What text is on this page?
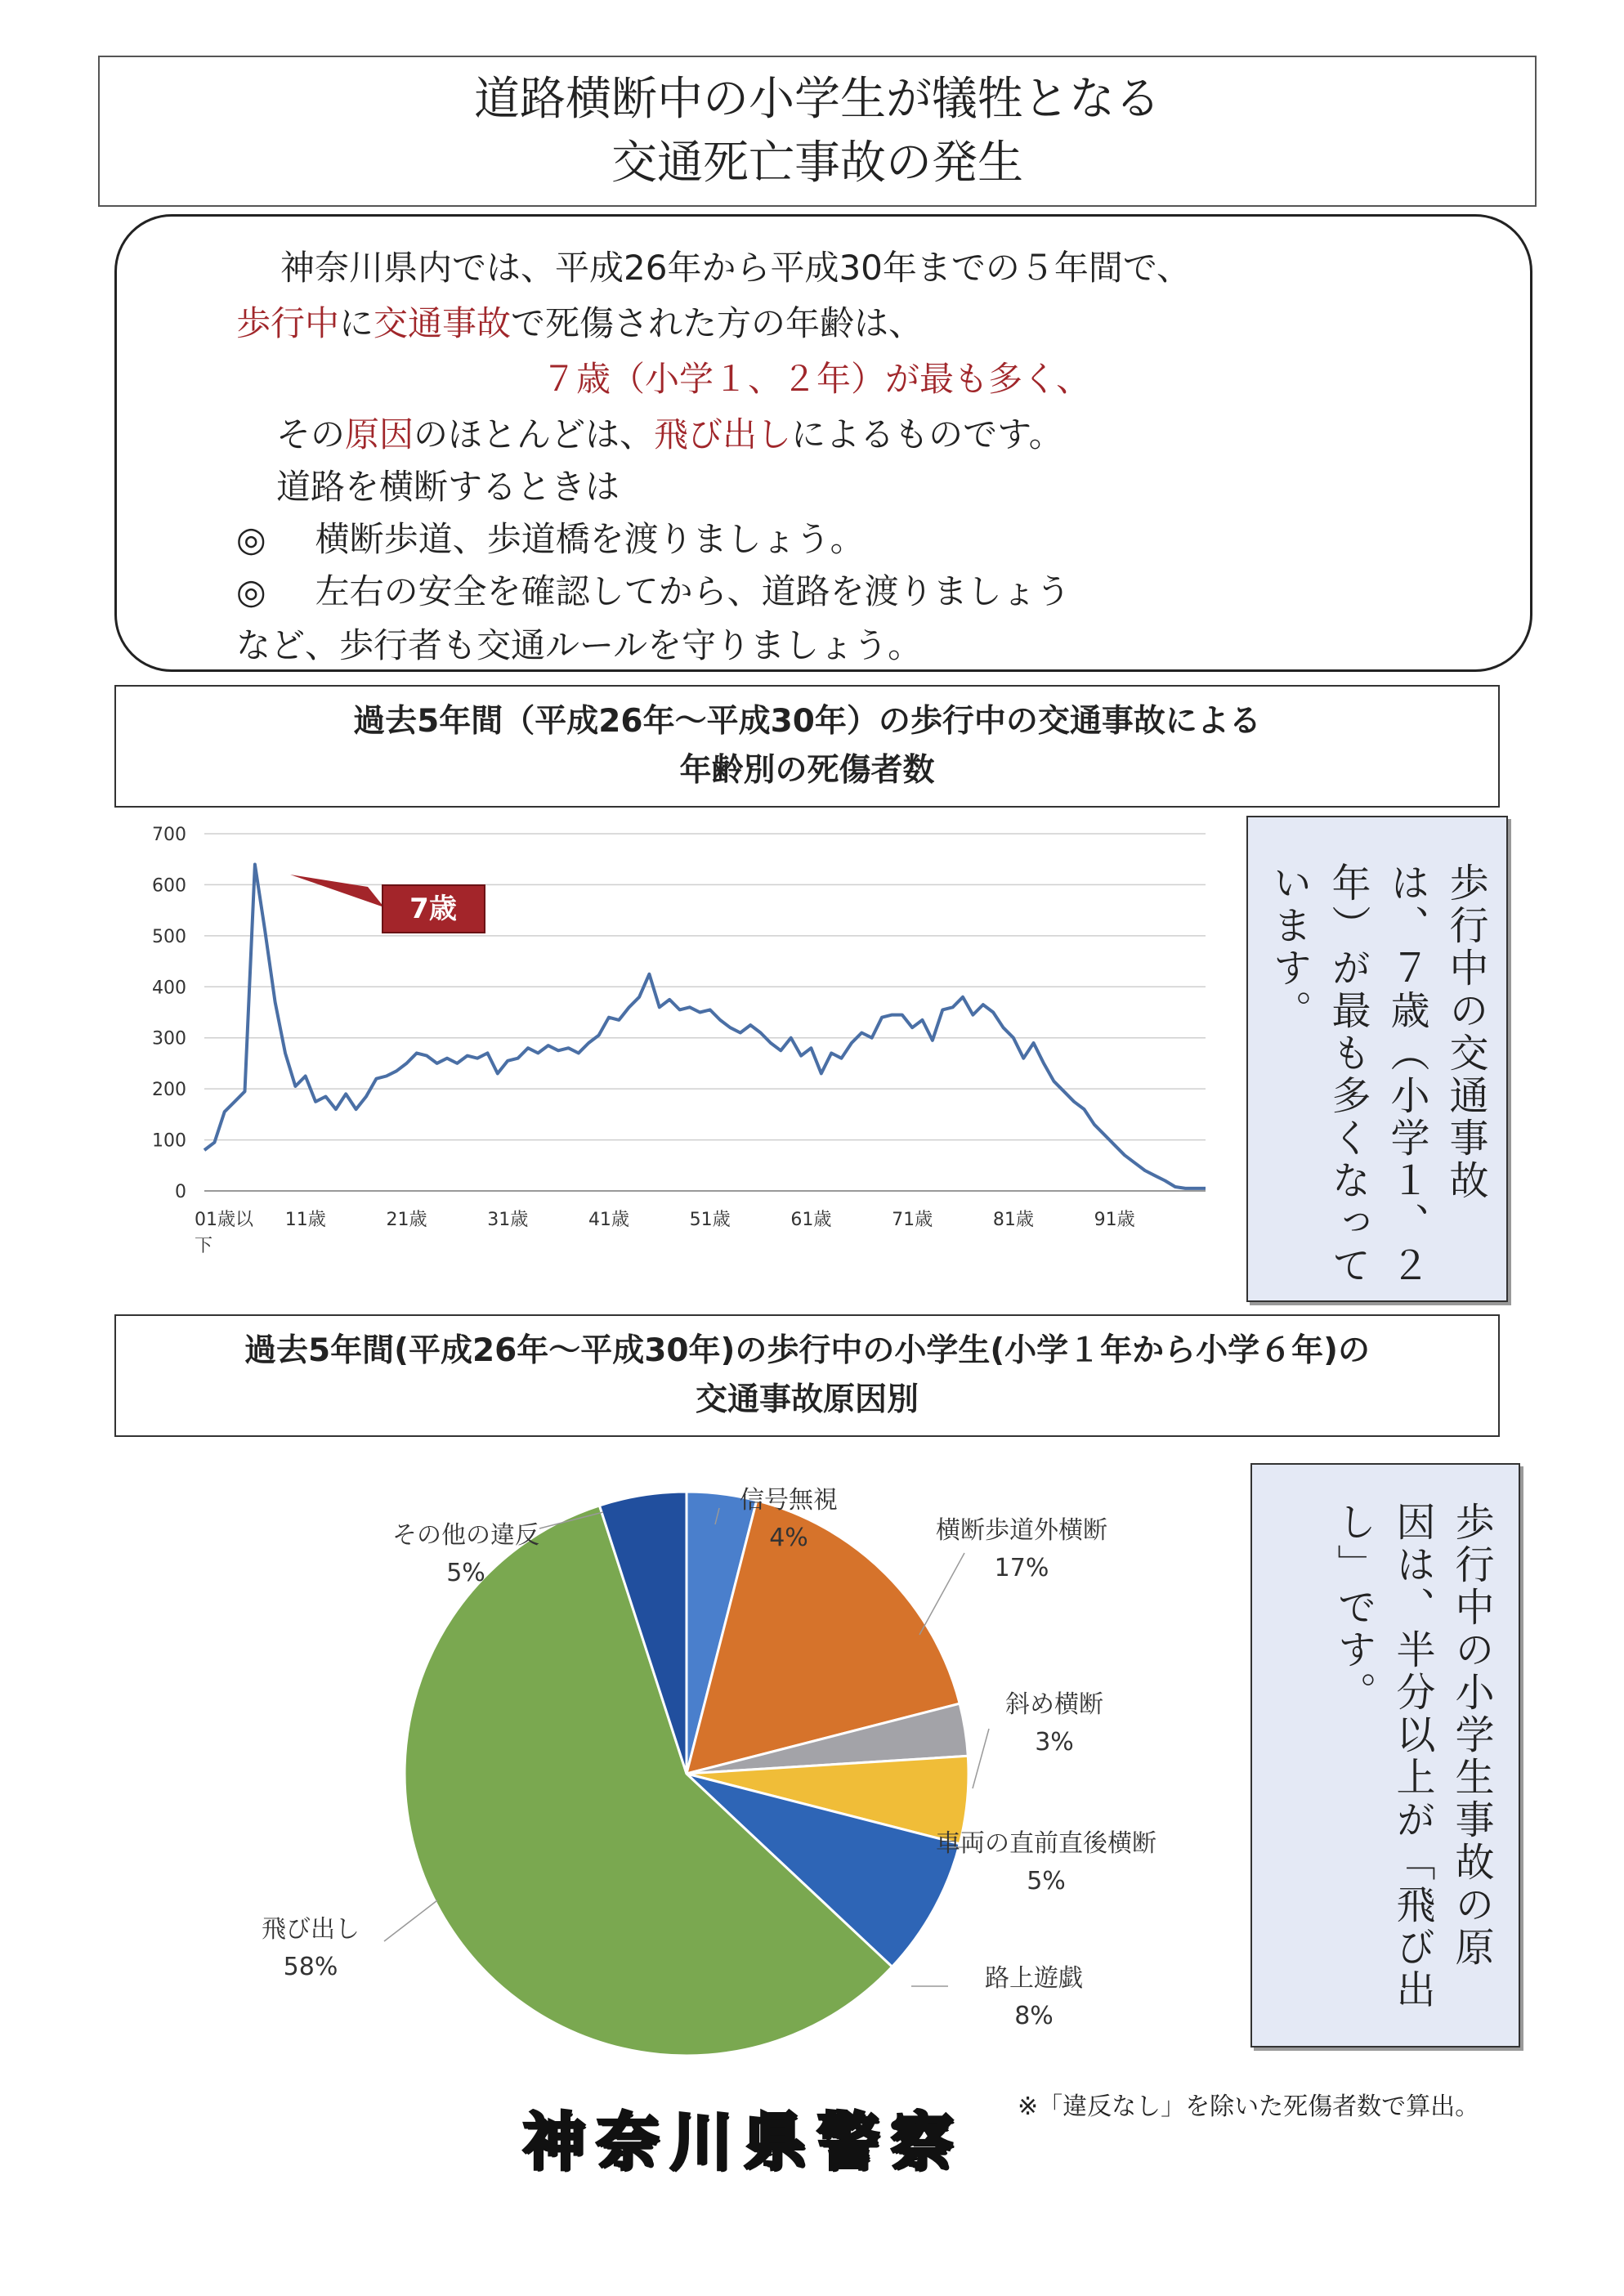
道路横断中の小学生が犠牲となる
交通死亡事故の発生
神奈川県内では、平成26年から平成30年までの５年間で、
歩行中に交通事故で死傷された方の年齢は、
７歳（小学１、２年）が最も多く、
その原因のほとんどは、飛び出しによるものです。
道路を横断するときは
◎ 横断歩道、歩道橋を渡りましょう。
◎ 左右の安全を確認してから、道路を渡りましょう
など、歩行者も交通ルールを守りましょう。
過去5年間（平成26年～平成30年）の歩行中の交通事故による
年齢別の死傷者数
0
100
200
300
400
500
600
700
01歳以
下
11歳	21歳	31歳	41歳	51歳	61歳	71歳	81歳	91歳
7歳	歩行中の交通事故
は、７歳（小学１、２
年）が最も多くなって
います。
過去5年間(平成26年～平成30年)の歩行中の小学生(小学１年から小学６年)の
交通事故原因別
信号無視
4%	横断歩道外横断
17%
斜め横断
3%
車両の直前直後横断
5%
路上遊戯
8%
飛び出し
58%
その他の違反
5%	歩行中の小学生事故の原
因は、半分以上が「飛び出
し」です。
※「違反なし」を除いた死傷者数で算出。
神奈川県警察
